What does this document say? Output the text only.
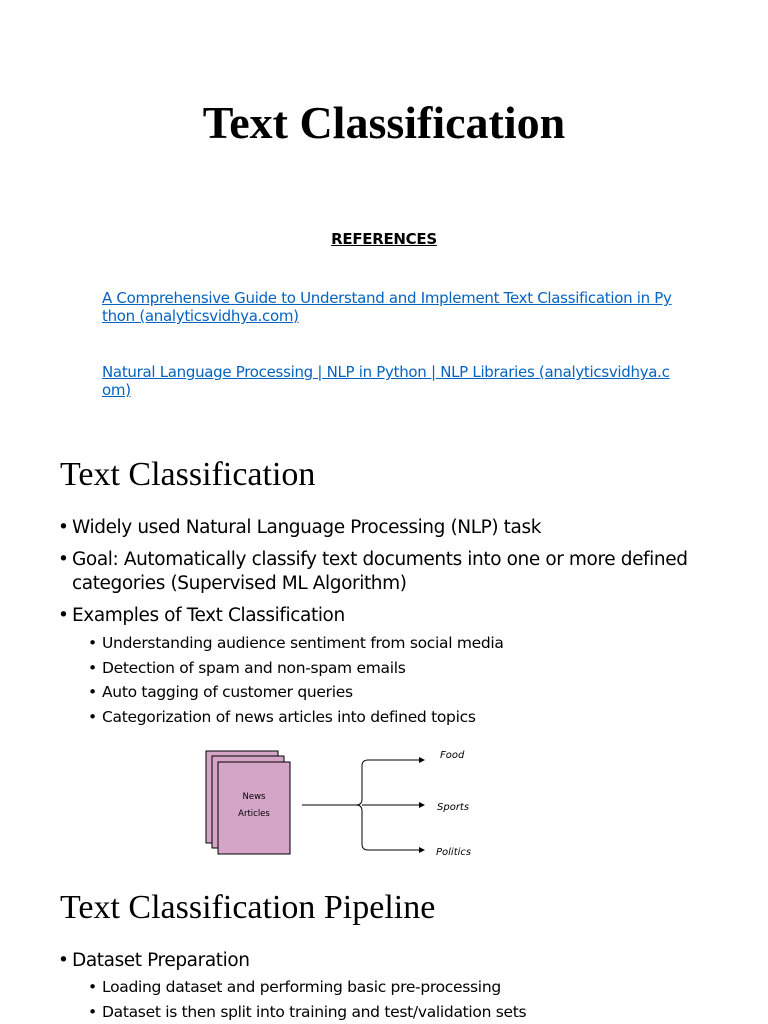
Text Classification
REFERENCES
A Comprehensive Guide to Understand and Implement Text Classification in Python (analyticsvidhya.com)
Natural Language Processing | NLP in Python | NLP Libraries (analyticsvidhya.com)
Text Classification
• Widely used Natural Language Processing (NLP) task
• Goal: Automatically classify text documents into one or more defined categories (Supervised ML Algorithm)
• Examples of Text Classification
• Understanding audience sentiment from social media
• Detection of spam and non-spam emails
• Auto tagging of customer queries
• Categorization of news articles into defined topics
News
Articles
Food
Sports
Politics
Text Classification Pipeline
• Dataset Preparation
• Loading dataset and performing basic pre-processing
• Dataset is then split into training and test/validation sets
